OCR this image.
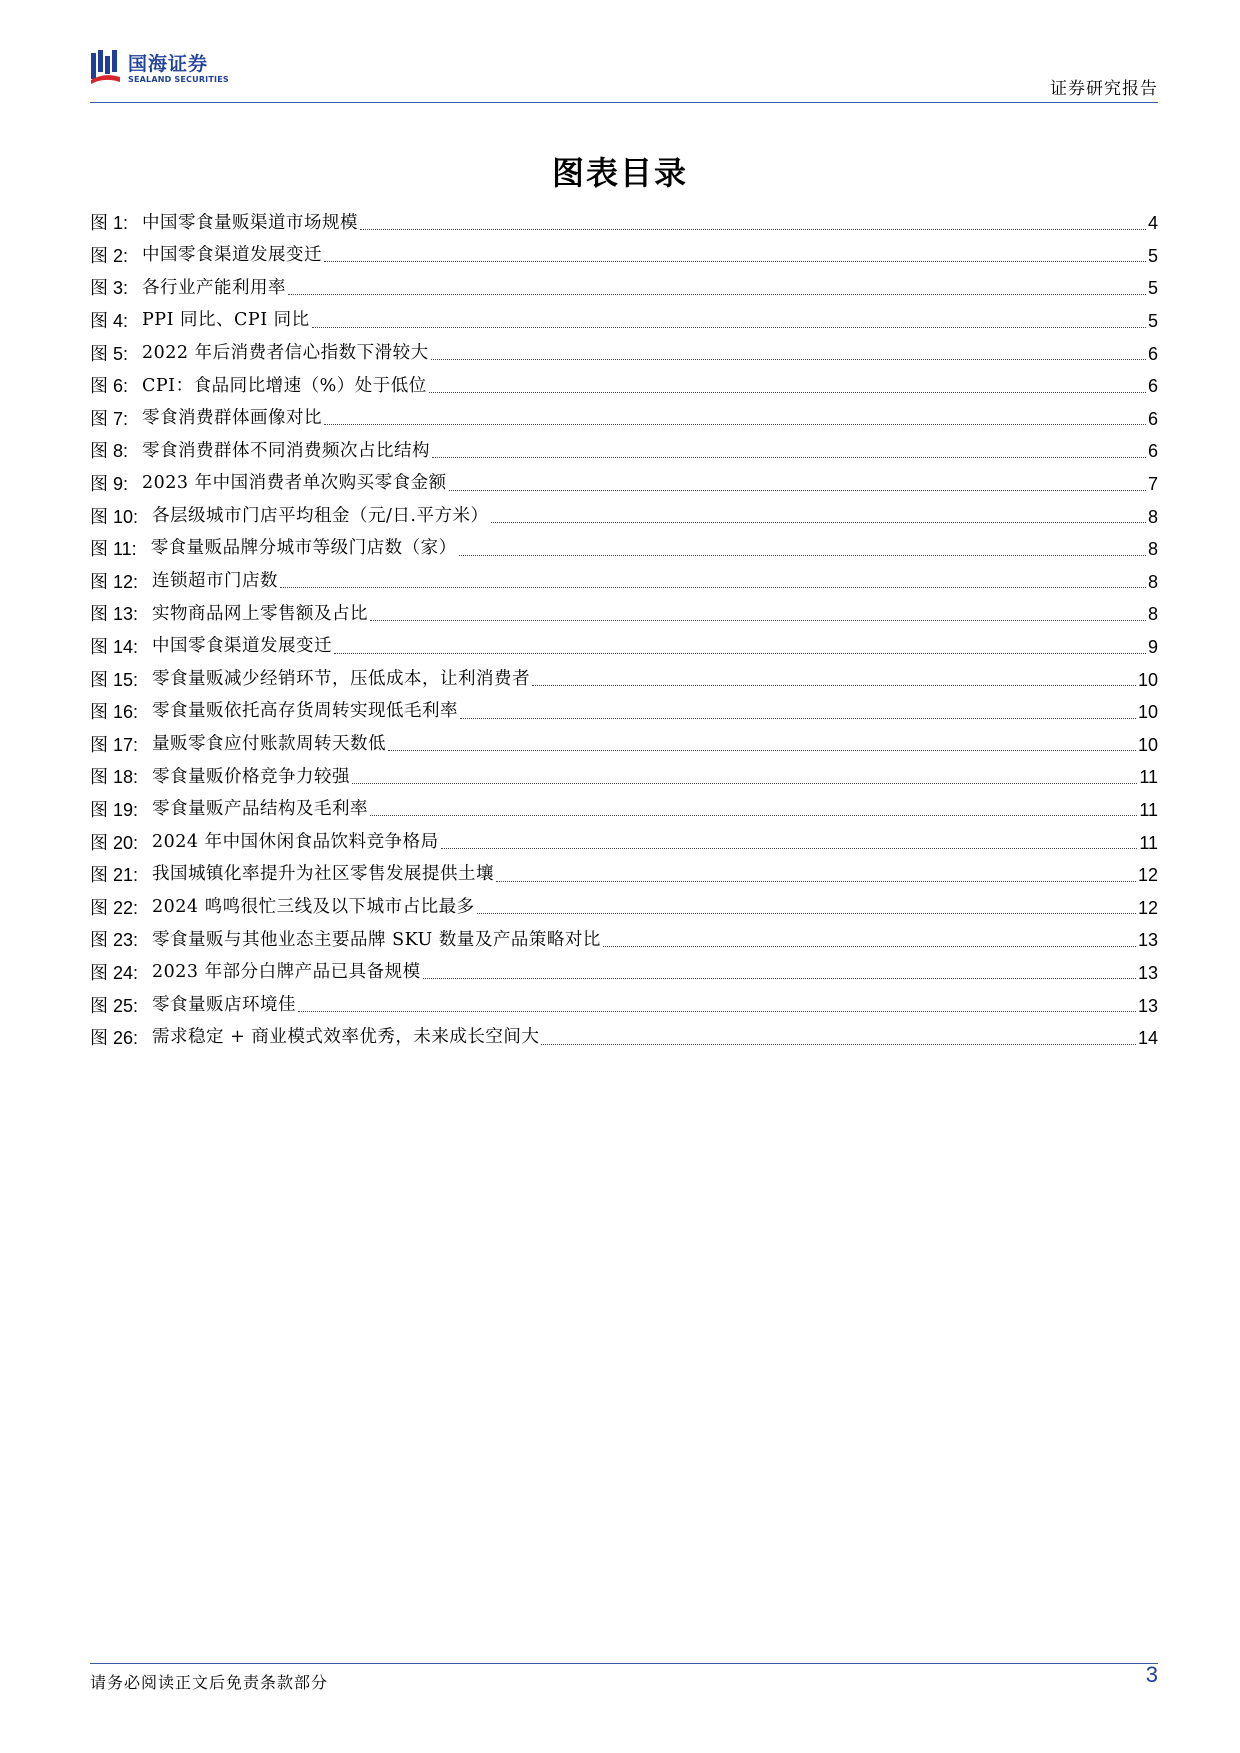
国海证券
SEALAND SECURITIES	证券研究报告
图表目录
图 1: 中国零食量贩渠道市场规模	4
图 2: 中国零食渠道发展变迁	5
图 3: 各行业产能利用率	5
图 4: PPI 同比、CPI 同比	5
图 5: 2022 年后消费者信心指数下滑较大	6
图 6: CPI：食品同比增速（%）处于低位	6
图 7: 零食消费群体画像对比	6
图 8: 零食消费群体不同消费频次占比结构	6
图 9: 2023 年中国消费者单次购买零食金额	7
图 10: 各层级城市门店平均租金（元/日.平方米）	8
图 11: 零食量贩品牌分城市等级门店数（家）	8
图 12: 连锁超市门店数	8
图 13: 实物商品网上零售额及占比	8
图 14: 中国零食渠道发展变迁	9
图 15: 零食量贩减少经销环节，压低成本，让利消费者	10
图 16: 零食量贩依托高存货周转实现低毛利率	10
图 17: 量贩零食应付账款周转天数低	10
图 18: 零食量贩价格竞争力较强	11
图 19: 零食量贩产品结构及毛利率	11
图 20: 2024 年中国休闲食品饮料竞争格局	11
图 21: 我国城镇化率提升为社区零售发展提供土壤	12
图 22: 2024 鸣鸣很忙三线及以下城市占比最多	12
图 23: 零食量贩与其他业态主要品牌 SKU 数量及产品策略对比	13
图 24: 2023 年部分白牌产品已具备规模	13
图 25: 零食量贩店环境佳	13
图 26: 需求稳定 + 商业模式效率优秀，未来成长空间大	14
请务必阅读正文后免责条款部分	3
